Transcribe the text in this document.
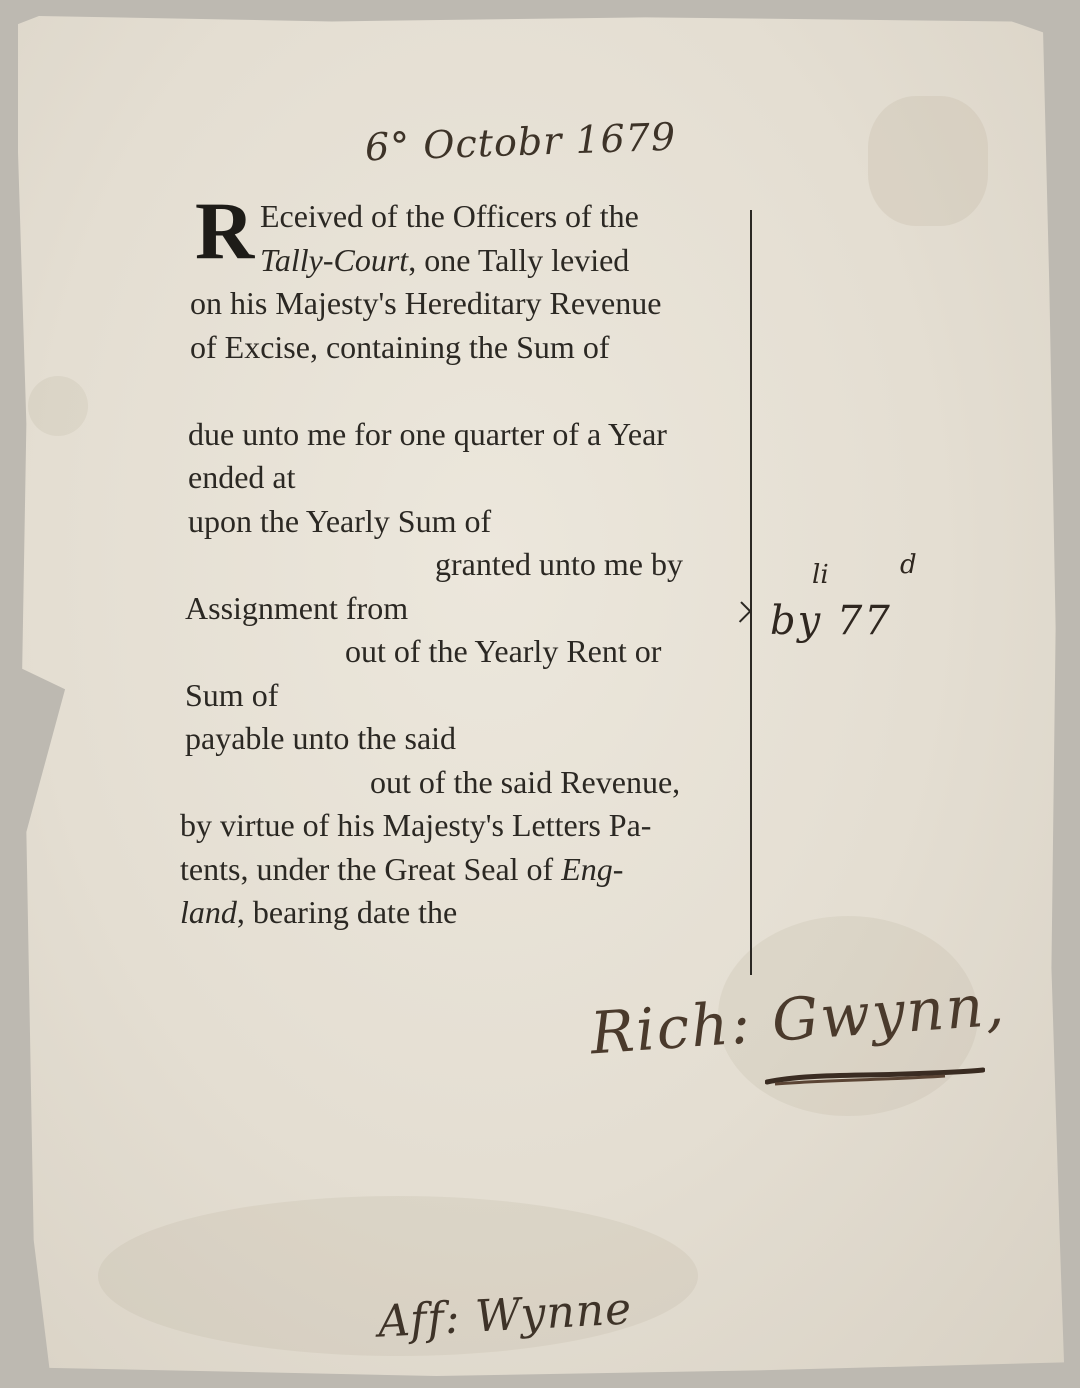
6° Octobr 1679
R Eceived of the Officers of the
Tally-Court, one Tally levied
on his Majesty's Hereditary Revenue
of Excise, containing the Sum of
due unto me for one quarter of a Year
ended at
upon the Yearly Sum of
granted unto me by
Assignment from
out of the Yearly Rent or
Sum of
payable unto the said
out of the said Revenue,
by virtue of his Majesty's Letters Pa-
tents, under the Great Seal of Eng-
land, bearing date the
li	d
by 77
Rich: Gwynn,
Aff: Wynne
